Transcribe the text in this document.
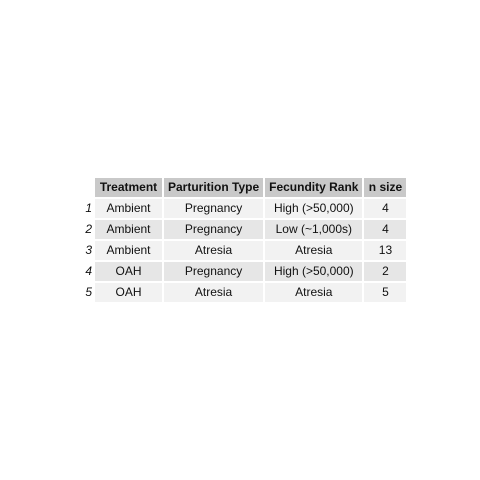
	Treatment	Parturition Type	Fecundity Rank	n size
1	Ambient	Pregnancy	High (>50,000)	4
2	Ambient	Pregnancy	Low (~1,000s)	4
3	Ambient	Atresia	Atresia	13
4	OAH	Pregnancy	High (>50,000)	2
5	OAH	Atresia	Atresia	5
